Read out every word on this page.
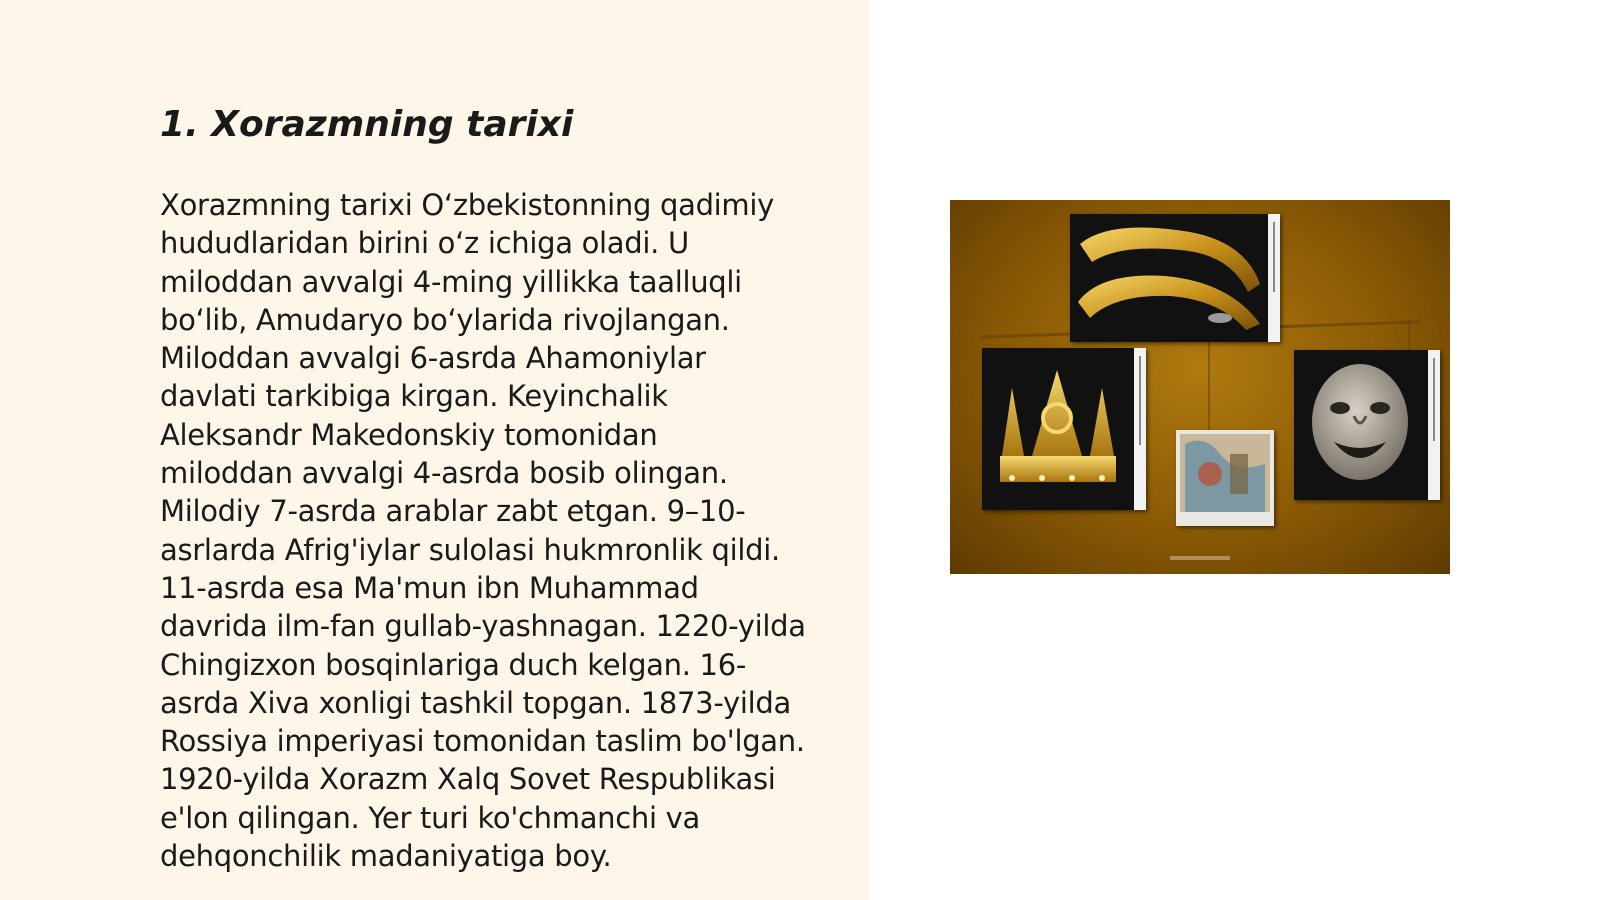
1. Xorazmning tarixi

Xorazmning tarixi O‘zbekistonning qadimiy
hududlaridan birini o‘z ichiga oladi. U
miloddan avvalgi 4-ming yillikka taalluqli
bo‘lib, Amudaryo bo‘ylarida rivojlangan.
Miloddan avvalgi 6-asrda Ahamoniylar
davlati tarkibiga kirgan. Keyinchalik
Aleksandr Makedonskiy tomonidan
miloddan avvalgi 4-asrda bosib olingan.
Milodiy 7-asrda arablar zabt etgan. 9–10-
asrlarda Afrig'iylar sulolasi hukmronlik qildi.
11-asrda esa Ma'mun ibn Muhammad
davrida ilm-fan gullab-yashnagan. 1220-yilda
Chingizxon bosqinlariga duch kelgan. 16-
asrda Xiva xonligi tashkil topgan. 1873-yilda
Rossiya imperiyasi tomonidan taslim bo'lgan.
1920-yilda Xorazm Xalq Sovet Respublikasi
e'lon qilingan. Yer turi ko'chmanchi va
dehqonchilik madaniyatiga boy.
